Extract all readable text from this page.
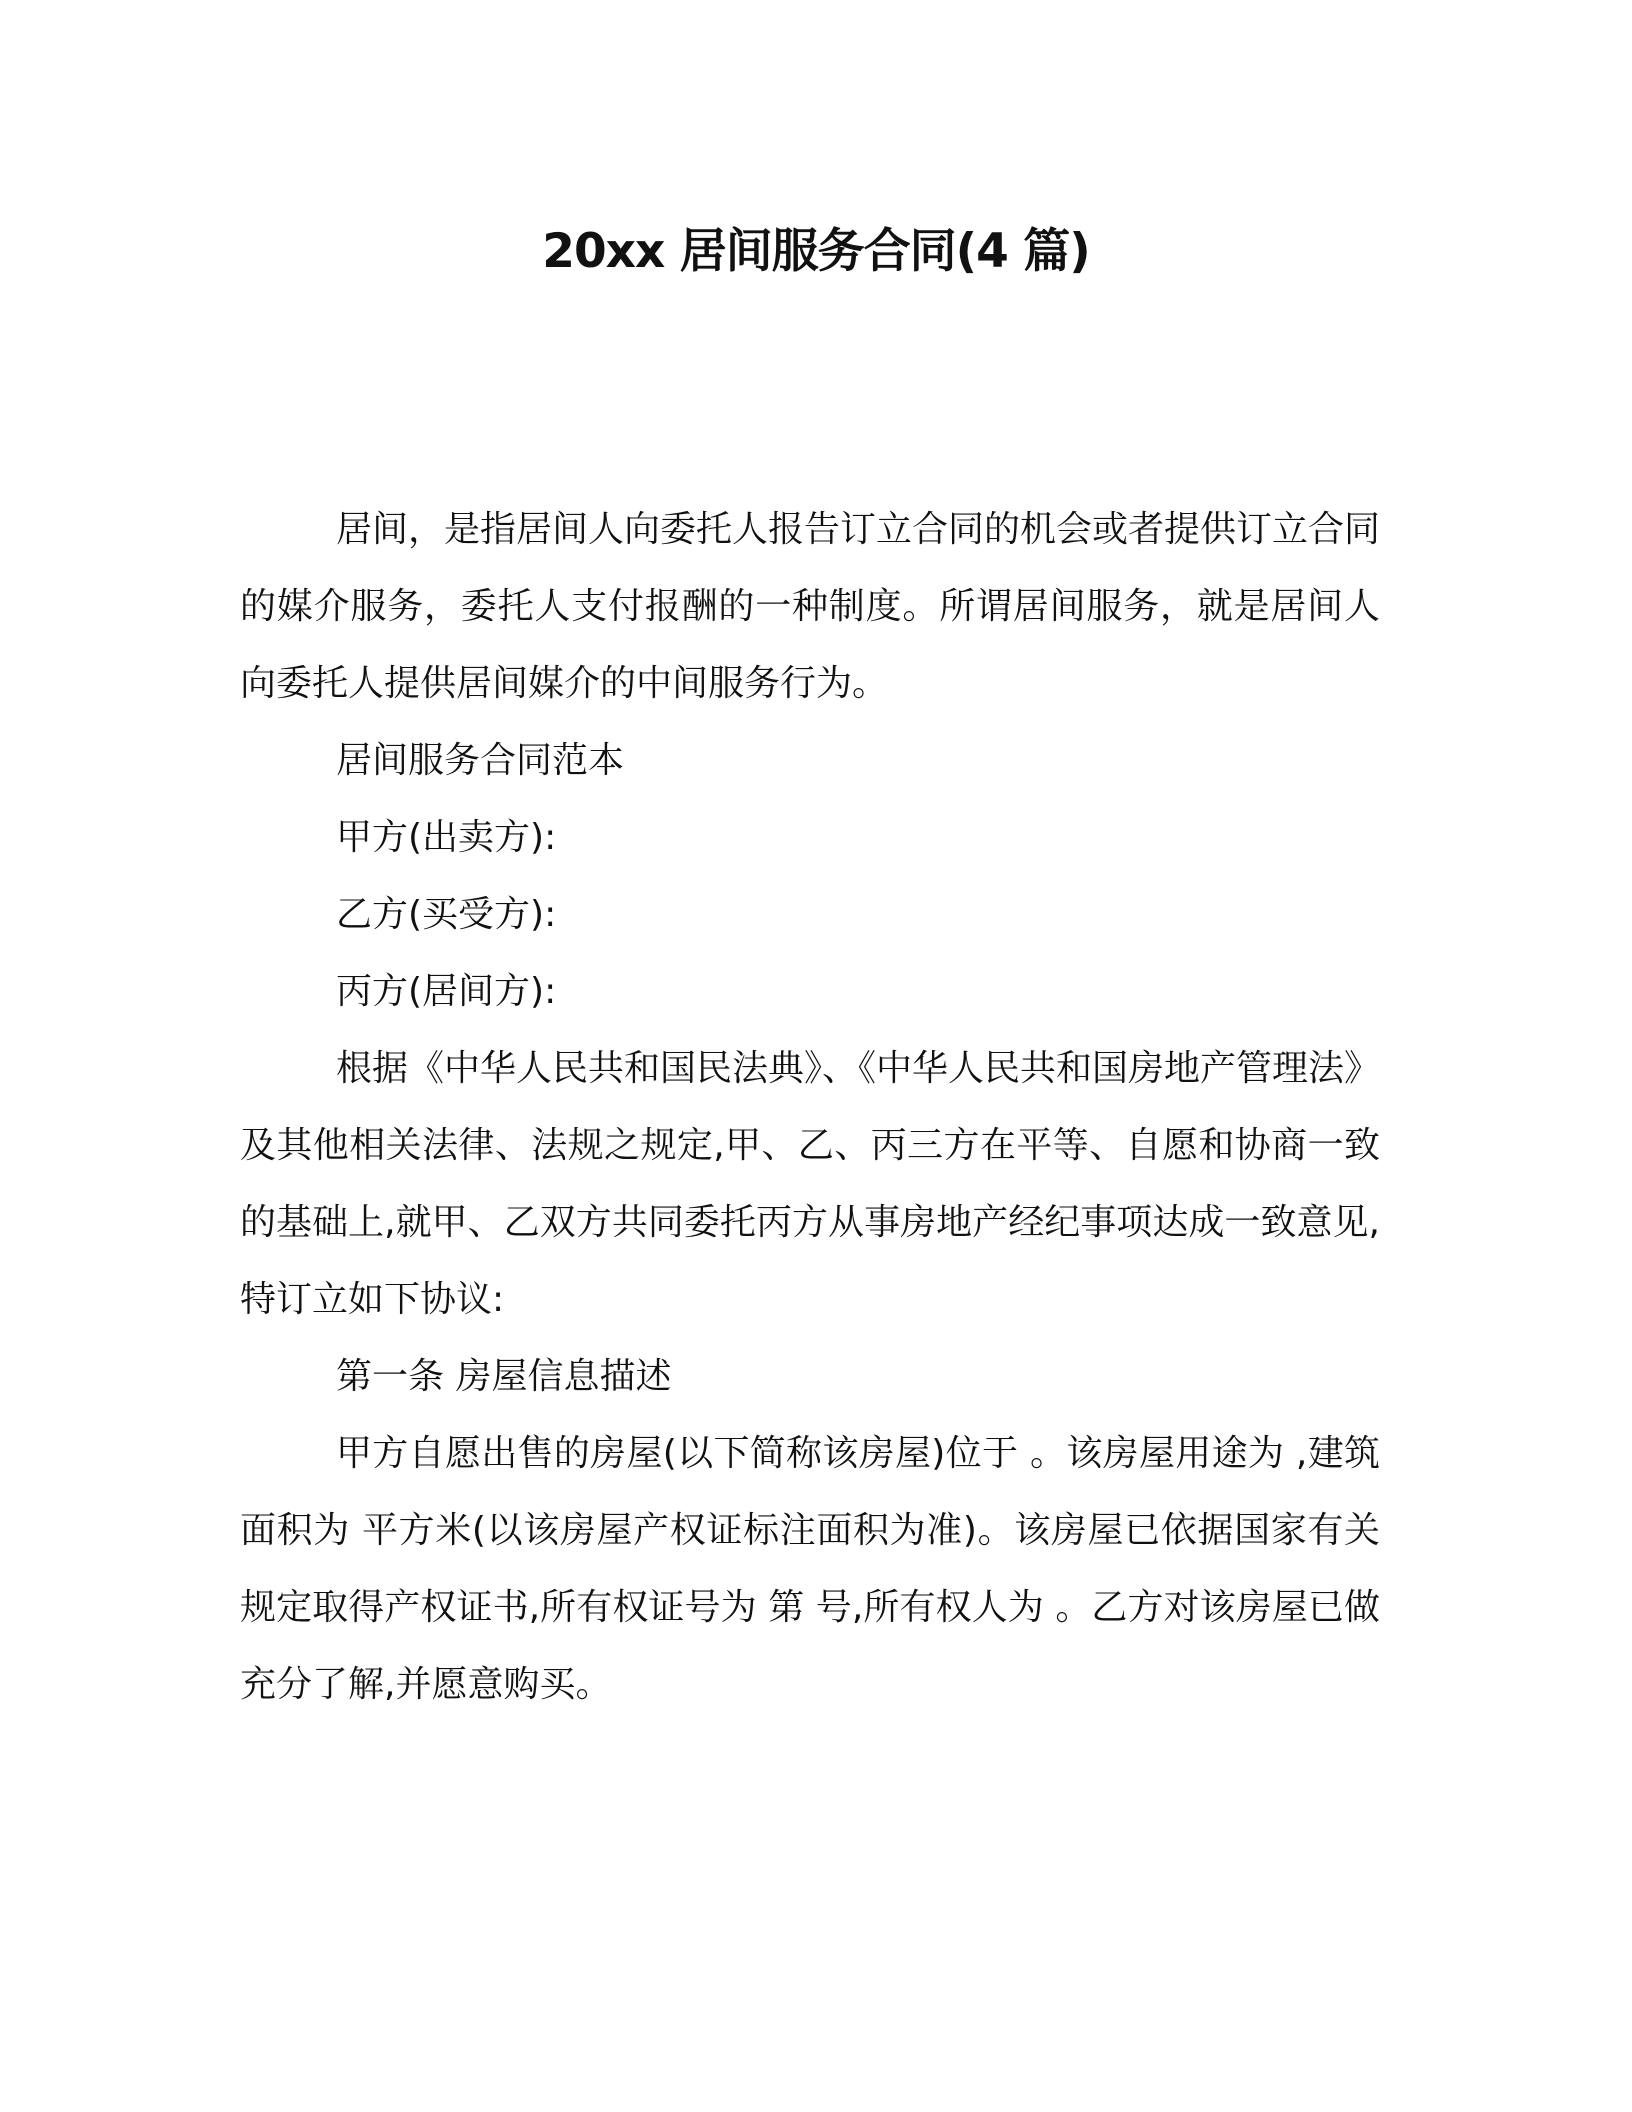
20xx 居间服务合同(4 篇)

居间，是指居间人向委托人报告订立合同的机会或者提供订立合同的媒介服务，委托人支付报酬的一种制度。所谓居间服务，就是居间人向委托人提供居间媒介的中间服务行为。

居间服务合同范本

甲方(出卖方):

乙方(买受方):

丙方(居间方):

根据《中华人民共和国民法典》、《中华人民共和国房地产管理法》及其他相关法律、法规之规定,甲、乙、丙三方在平等、自愿和协商一致的基础上,就甲、乙双方共同委托丙方从事房地产经纪事项达成一致意见,特订立如下协议:

第一条 房屋信息描述

甲方自愿出售的房屋(以下简称该房屋)位于 。该房屋用途为 ,建筑面积为 平方米(以该房屋产权证标注面积为准)。该房屋已依据国家有关规定取得产权证书,所有权证号为 第 号,所有权人为 。乙方对该房屋已做充分了解,并愿意购买。
